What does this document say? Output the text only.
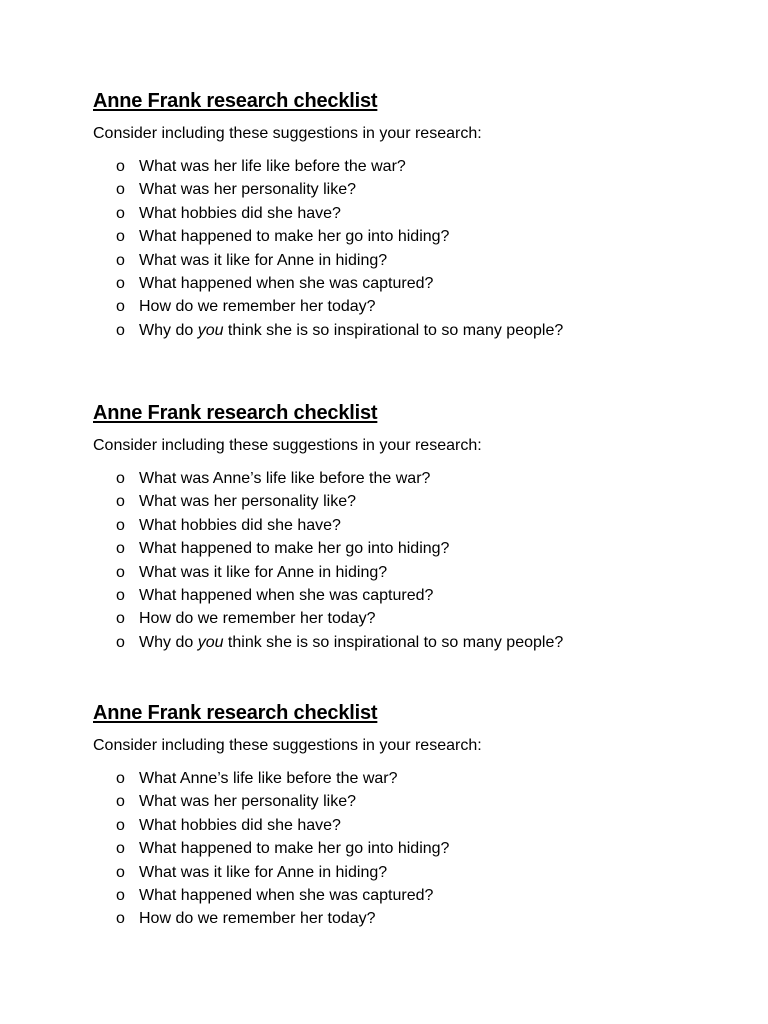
Anne Frank research checklist

Consider including these suggestions in your research:

o What was her life like before the war?
o What was her personality like?
o What hobbies did she have?
o What happened to make her go into hiding?
o What was it like for Anne in hiding?
o What happened when she was captured?
o How do we remember her today?
o Why do you think she is so inspirational to so many people?
Anne Frank research checklist

Consider including these suggestions in your research:

o What was Anne’s life like before the war?
o What was her personality like?
o What hobbies did she have?
o What happened to make her go into hiding?
o What was it like for Anne in hiding?
o What happened when she was captured?
o How do we remember her today?
o Why do you think she is so inspirational to so many people?
Anne Frank research checklist

Consider including these suggestions in your research:

o What Anne’s life like before the war?
o What was her personality like?
o What hobbies did she have?
o What happened to make her go into hiding?
o What was it like for Anne in hiding?
o What happened when she was captured?
o How do we remember her today?
